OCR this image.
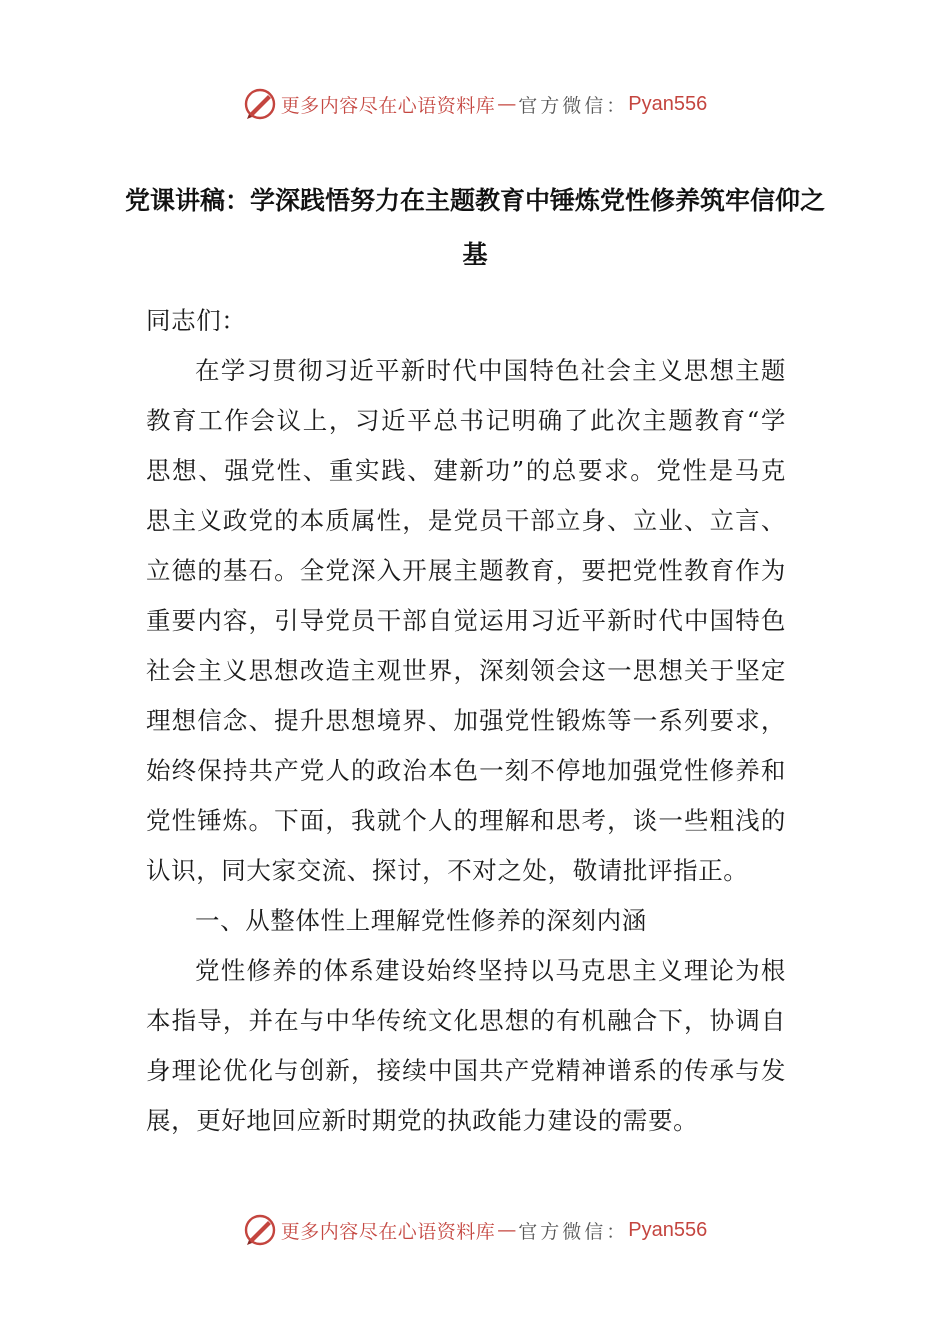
更多内容尽在心语资料库 — 官方微信： Pyan556
党课讲稿：学深践悟努力在主题教育中锤炼党性修养筑牢信仰之基

同志们：

在学习贯彻习近平新时代中国特色社会主义思想主题教育工作会议上，习近平总书记明确了此次主题教育“学思想、强党性、重实践、建新功”的总要求。党性是马克思主义政党的本质属性，是党员干部立身、立业、立言、立德的基石。全党深入开展主题教育，要把党性教育作为重要内容，引导党员干部自觉运用习近平新时代中国特色社会主义思想改造主观世界，深刻领会这一思想关于坚定理想信念、提升思想境界、加强党性锻炼等一系列要求，始终保持共产党人的政治本色一刻不停地加强党性修养和党性锤炼。下面，我就个人的理解和思考，谈一些粗浅的认识，同大家交流、探讨，不对之处，敬请批评指正。

一、从整体性上理解党性修养的深刻内涵

党性修养的体系建设始终坚持以马克思主义理论为根本指导，并在与中华传统文化思想的有机融合下，协调自身理论优化与创新，接续中国共产党精神谱系的传承与发展，更好地回应新时期党的执政能力建设的需要。

更多内容尽在心语资料库 — 官方微信： Pyan556
